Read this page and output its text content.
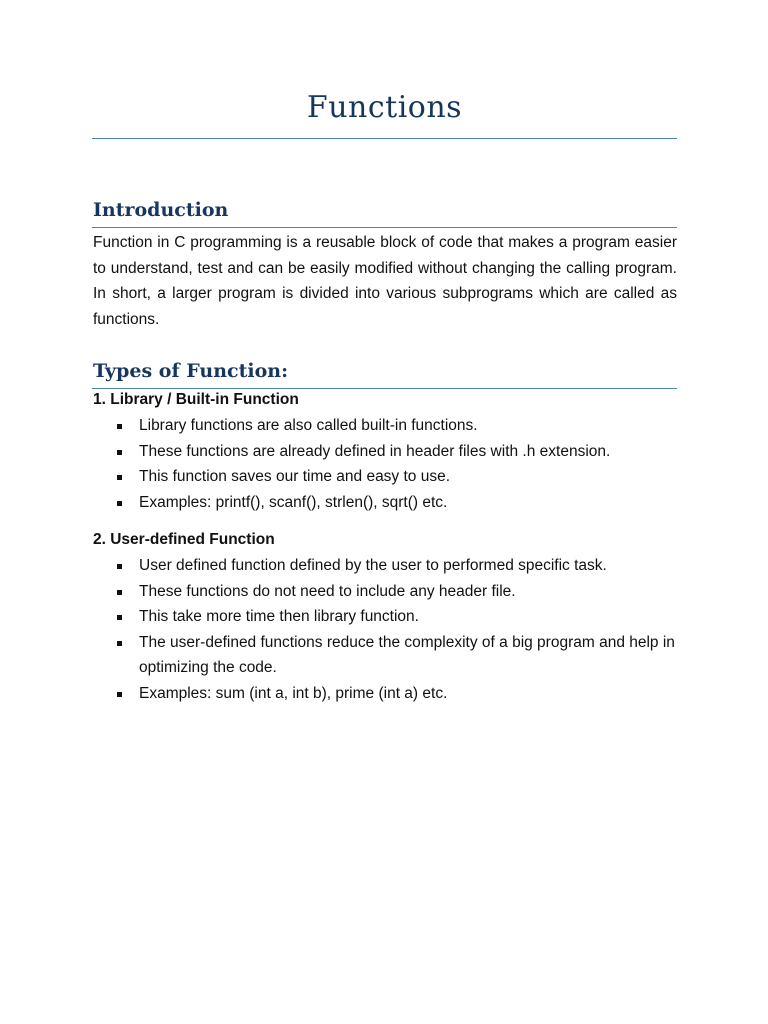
Functions
Introduction

Function in C programming is a reusable block of code that makes a program easier to understand, test and can be easily modified without changing the calling program. In short, a larger program is divided into various subprograms which are called as functions.

Types of Function:
1. Library / Built-in Function
Library functions are also called built-in functions.
These functions are already defined in header files with .h extension.
This function saves our time and easy to use.
Examples: printf(), scanf(), strlen(), sqrt() etc.
2. User-defined Function
User defined function defined by the user to performed specific task.
These functions do not need to include any header file.
This take more time then library function.
The user-defined functions reduce the complexity of a big program and help in optimizing the code.
Examples: sum (int a, int b), prime (int a) etc.
